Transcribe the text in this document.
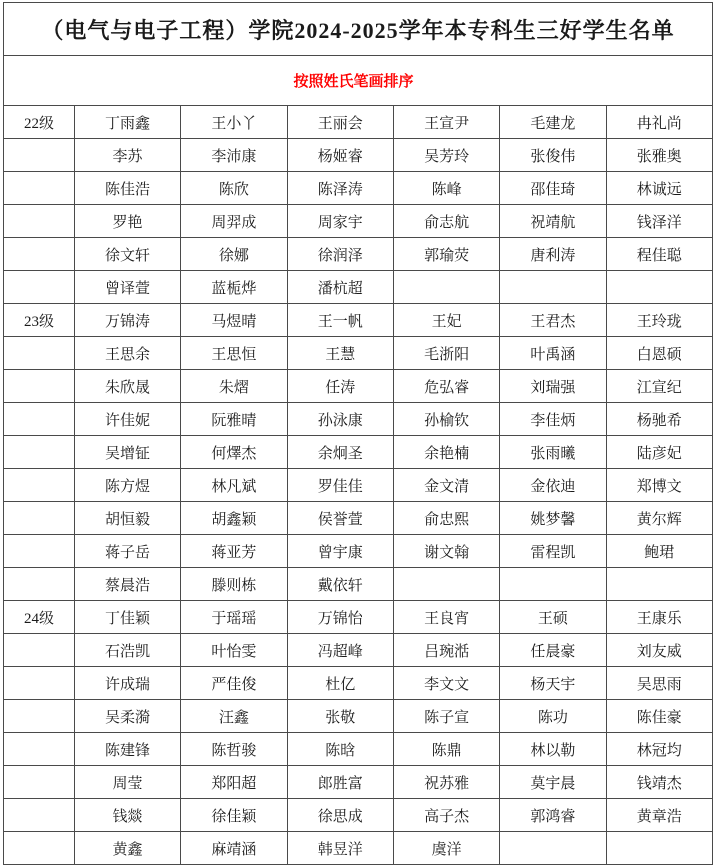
（电气与电子工程）学院2024-2025学年本专科生三好学生名单						
按照姓氏笔画排序						
22级	丁雨鑫	王小丫	王丽会	王宣尹	毛建龙	冉礼尚
	李苏	李沛康	杨姬睿	吴芳玲	张俊伟	张雅奥
	陈佳浩	陈欣	陈泽涛	陈峰	邵佳琦	林诚远
	罗艳	周羿成	周家宇	俞志航	祝靖航	钱泽洋
	徐文轩	徐娜	徐润泽	郭瑜荧	唐利涛	程佳聪
	曾译萱	蓝栀烨	潘杭超			
23级	万锦涛	马煜晴	王一帆	王妃	王君杰	王玲珑
	王思余	王思恒	王慧	毛浙阳	叶禹涵	白恩硕
	朱欣晟	朱熠	任涛	危弘睿	刘瑞强	江宣纪
	许佳妮	阮雅晴	孙泳康	孙榆钦	李佳炳	杨驰希
	吴增钲	何燡杰	余炯圣	余艳楠	张雨曦	陆彦妃
	陈方煜	林凡斌	罗佳佳	金文清	金依迪	郑博文
	胡恒毅	胡鑫颖	侯誉萱	俞忠熙	姚梦馨	黄尔辉
	蒋子岳	蒋亚芳	曾宇康	谢文翰	雷程凯	鲍珺
	蔡晨浩	滕则栋	戴依轩			
24级	丁佳颖	于瑶瑶	万锦怡	王良宵	王硕	王康乐
	石浩凯	叶怡雯	冯超峰	吕琬湉	任晨豪	刘友威
	许成瑞	严佳俊	杜亿	李文文	杨天宇	吴思雨
	吴柔漪	汪鑫	张敬	陈子宣	陈功	陈佳豪
	陈建锋	陈哲骏	陈晗	陈鼎	林以勒	林冠均
	周莹	郑阳超	郎胜富	祝苏雅	莫宇晨	钱靖杰
	钱燚	徐佳颖	徐思成	高子杰	郭鸿睿	黄章浩
	黄鑫	麻靖涵	韩昱洋	虞洋		
